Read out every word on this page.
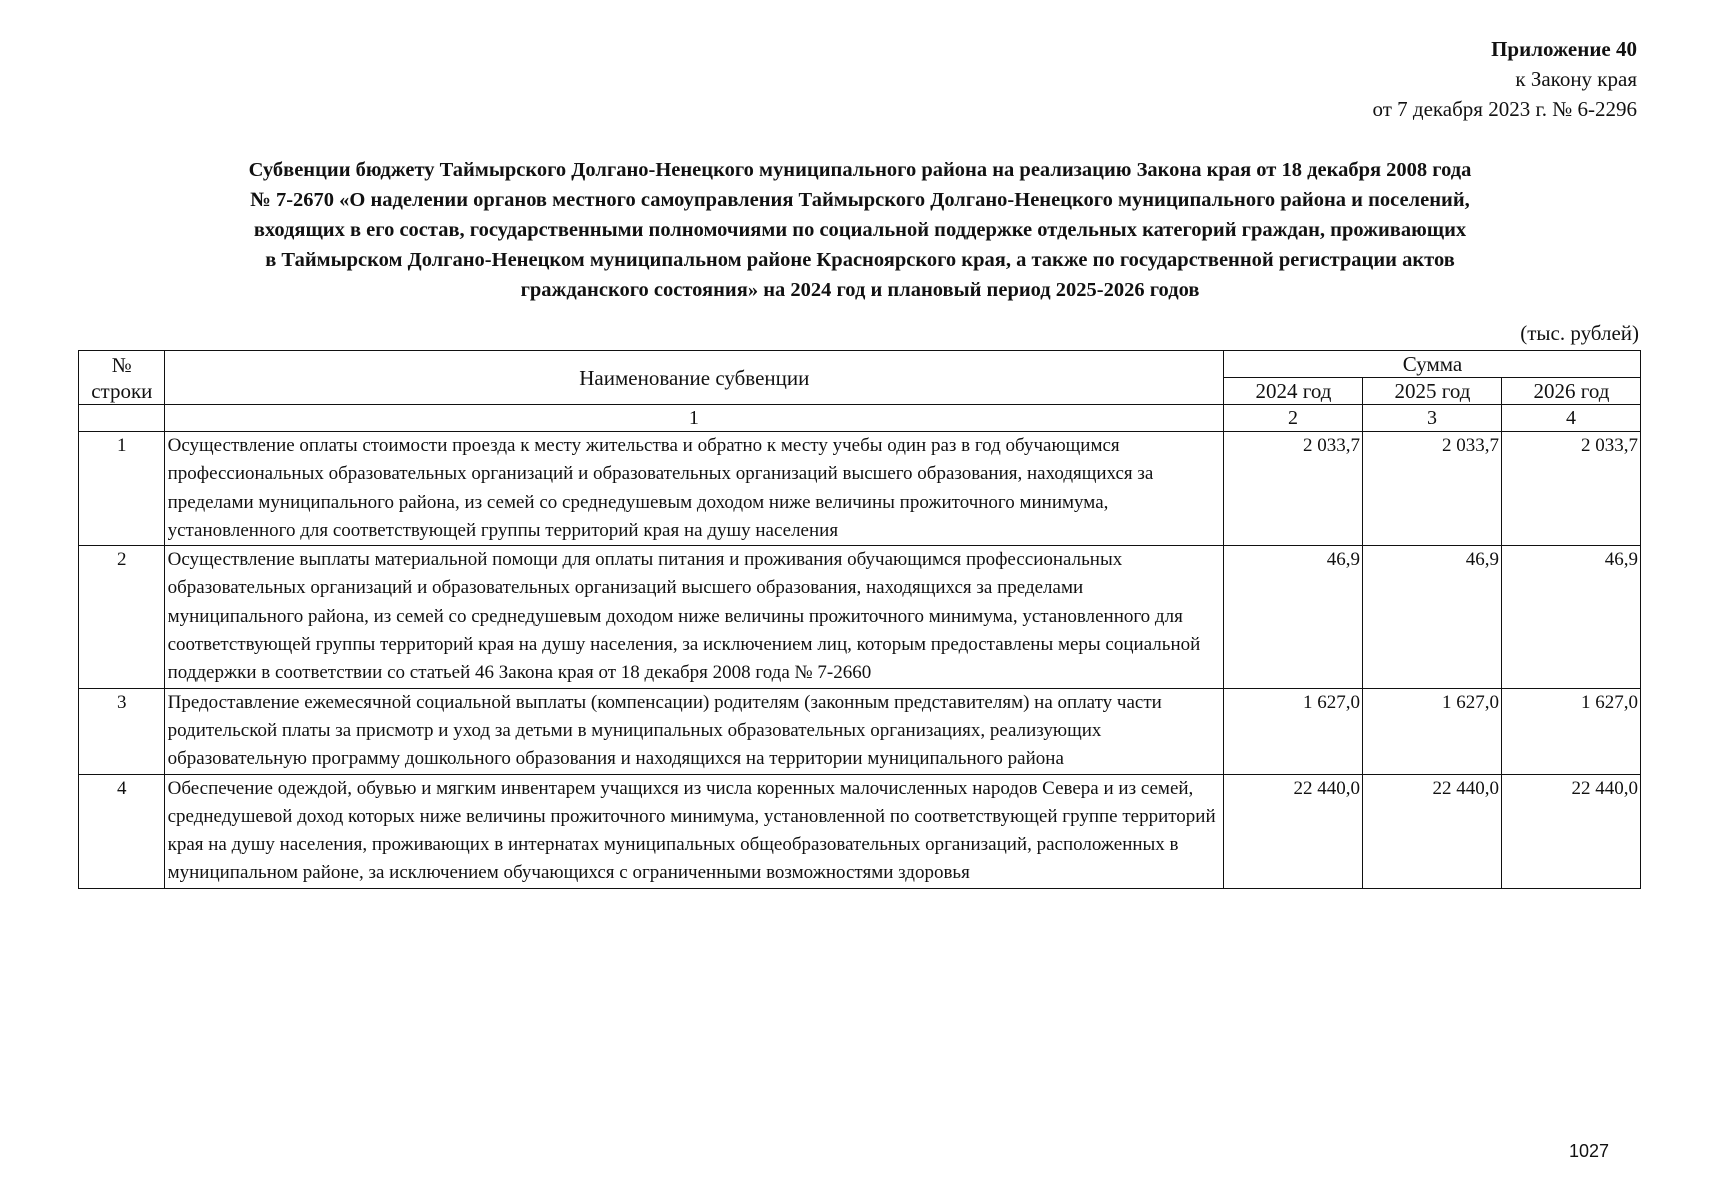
Приложение 40
к Закону края
от 7 декабря 2023 г. № 6-2296
Субвенции бюджету Таймырского Долгано-Ненецкого муниципального района на реализацию Закона края от 18 декабря 2008 года
№ 7-2670 «О наделении органов местного самоуправления Таймырского Долгано-Ненецкого муниципального района и поселений,
входящих в его состав, государственными полномочиями по социальной поддержке отдельных категорий граждан, проживающих
в Таймырском Долгано-Ненецком муниципальном районе Красноярского края, а также по государственной регистрации актов
гражданского состояния» на 2024 год и плановый период 2025-2026 годов
(тыс. рублей)
№
строки	Наименование субвенции	Сумма		
		2024 год	2025 год	2026 год
	1	2	3	4
1	Осуществление оплаты стоимости проезда к месту жительства и обратно к месту учебы один раз в год обучающимся профессиональных образовательных организаций и образовательных организаций высшего образования, находящихся за пределами муниципального района, из семей со среднедушевым доходом ниже величины прожиточного минимума, установленного для соответствующей группы территорий края на душу населения	2 033,7	2 033,7	2 033,7
2	Осуществление выплаты материальной помощи для оплаты питания и проживания обучающимся профессиональных образовательных организаций и образовательных организаций высшего образования, находящихся за пределами муниципального района, из семей со среднедушевым доходом ниже величины прожиточного минимума, установленного для соответствующей группы территорий края на душу населения, за исключением лиц, которым предоставлены меры социальной поддержки в соответствии со статьей 46 Закона края от 18 декабря 2008 года № 7-2660	46,9	46,9	46,9
3	Предоставление ежемесячной социальной выплаты (компенсации) родителям (законным представителям) на оплату части родительской платы за присмотр и уход за детьми в муниципальных образовательных организациях, реализующих образовательную программу дошкольного образования и находящихся на территории муниципального района	1 627,0	1 627,0	1 627,0
4	Обеспечение одеждой, обувью и мягким инвентарем учащихся из числа коренных малочисленных народов Севера и из семей, среднедушевой доход которых ниже величины прожиточного минимума, установленной по соответствующей группе территорий края на душу населения, проживающих в интернатах муниципальных общеобразовательных организаций, расположенных в муниципальном районе, за исключением обучающихся с ограниченными возможностями здоровья	22 440,0	22 440,0	22 440,0
1027
